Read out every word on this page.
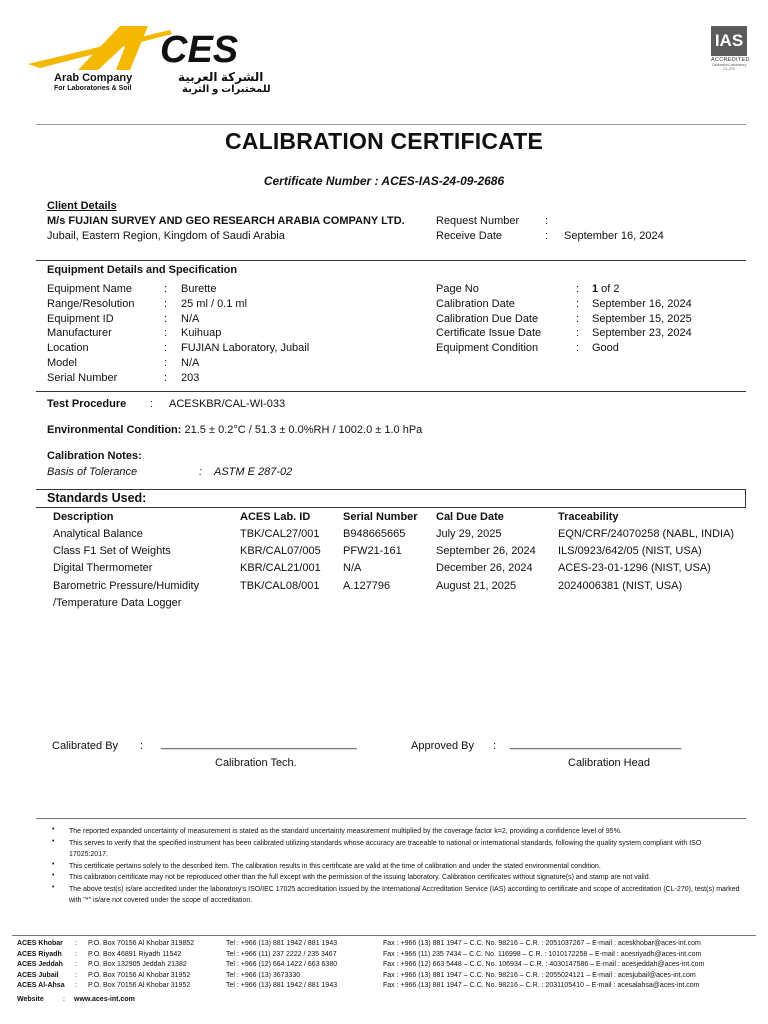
CES
Arab Company
For Laboratories & Soil
الشركة العربية
للمختبرات و التربة
IAS
ACCREDITED
Calibration Laboratory
CL-270
CALIBRATION CERTIFICATE
Certificate Number : ACES-IAS-24-09-2686
Client Details
M/s FUJIAN SURVEY AND GEO RESEARCH ARABIA COMPANY LTD.
Jubail, Eastern Region, Kingdom of Saudi Arabia
Request Number :
Receive Date	: September 16, 2024
Equipment Details and Specification
Equipment Name	: Burette
Range/Resolution	: 25 ml / 0.1 ml
Equipment ID	: N/A
Manufacturer	: Kuihuap
Location	: FUJIAN Laboratory, Jubail
Model	: N/A
Serial Number	: 203
Page No	: 1 of 2
Calibration Date	: September 16, 2024
Calibration Due Date	: September 15, 2025
Certificate Issue Date	: September 23, 2024
Equipment Condition	: Good
Test Procedure : ACESKBR/CAL-WI-033
Environmental Condition: 21.5 ± 0.2°C / 51.3 ± 0.0%RH / 1002.0 ± 1.0 hPa
Calibration Notes:
Basis of Tolerance	: ASTM E 287-02
Standards Used:
Description	ACES Lab. ID	Serial Number Cal Due Date	Traceability
Analytical Balance	TBK/CAL27/001 B948665665	July 29, 2025	EQN/CRF/24070258 (NABL, INDIA)
Class F1 Set of Weights	KBR/CAL07/005 PFW21-161	September 26, 2024 ILS/0923/642/05 (NIST, USA)
Digital Thermometer	KBR/CAL21/001 N/A	December 26, 2024 ACES-23-01-1296 (NIST, USA)
Barometric Pressure/Humidity	TBK/CAL08/001 A.127796	August 21, 2025	2024006381 (NIST, USA)
/Temperature Data Logger
Calibrated By : ________________________________
Calibration Tech.
Approved By : ____________________________
Calibration Head
• The reported expanded uncertainty of measurement is stated as the standard uncertainty measurement multiplied by the coverage factor k=2, providing a confidence level of 95%.
• This serves to verify that the specified instrument has been calibrated utilizing standards whose accuracy are traceable to national or international standards, following the quality system compliant with ISO 17025:2017.
• This certificate pertains solely to the described item. The calibration results in this certificate are valid at the time of calibration and under the stated environmental condition.
• This calibration certificate may not be reproduced other than the full except with the permission of the issuing laboratory. Calibration certificates without signature(s) and stamp are not valid.
• The above test(s) is/are accredited under the laboratory's ISO/IEC 17025 accreditation issued by the International Accreditation Service (IAS) according to certificate and scope of accreditation (CL-270), test(s) marked with "*" is/are not covered under the scope of accreditation.
ACES Khobar : P.O. Box 70156 Al Khobar 319852	Tel : +966 (13) 881 1942 / 881 1943	Fax : +966 (13) 881 1947 – C.C. No. 98216 – C.R. : 2051037267 – E-mail : aceskhobar@aces-int.com
ACES Riyadh : P.O. Box 46891 Riyadh 11542	Tel : +966 (11) 237 2222 / 235 3467	Fax : +966 (11) 235 7434 – C.C. No. 116998 – C.R. : 1010172258 – E-mail : acesriyadh@aces-int.com
ACES Jeddah : P.O. Box 132905 Jeddah 21382	Tel : +966 (12) 664 1422 / 663 6380	Fax : +966 (12) 663 5448 – C.C. No. 106934 – C.R. : 4030147586 – E-mail : acesjeddah@aces-int.com
ACES Jubail : P.O. Box 70156 Al Khobar 31952	Tel : +966 (13) 3673330	Fax : +966 (13) 881 1947 – C.C. No. 98216 – C.R. : 2055024121 – E-mail : acesjubail@aces-int.com
ACES Al-Ahsa : P.O. Box 70156 Al Khobar 31952	Tel : +966 (13) 881 1942 / 881 1943	Fax : +966 (13) 881 1947 – C.C. No. 98216 – C.R. : 2031105410 – E-mail : acesalahsa@aces-int.com
Website	: www.aces-int.com
